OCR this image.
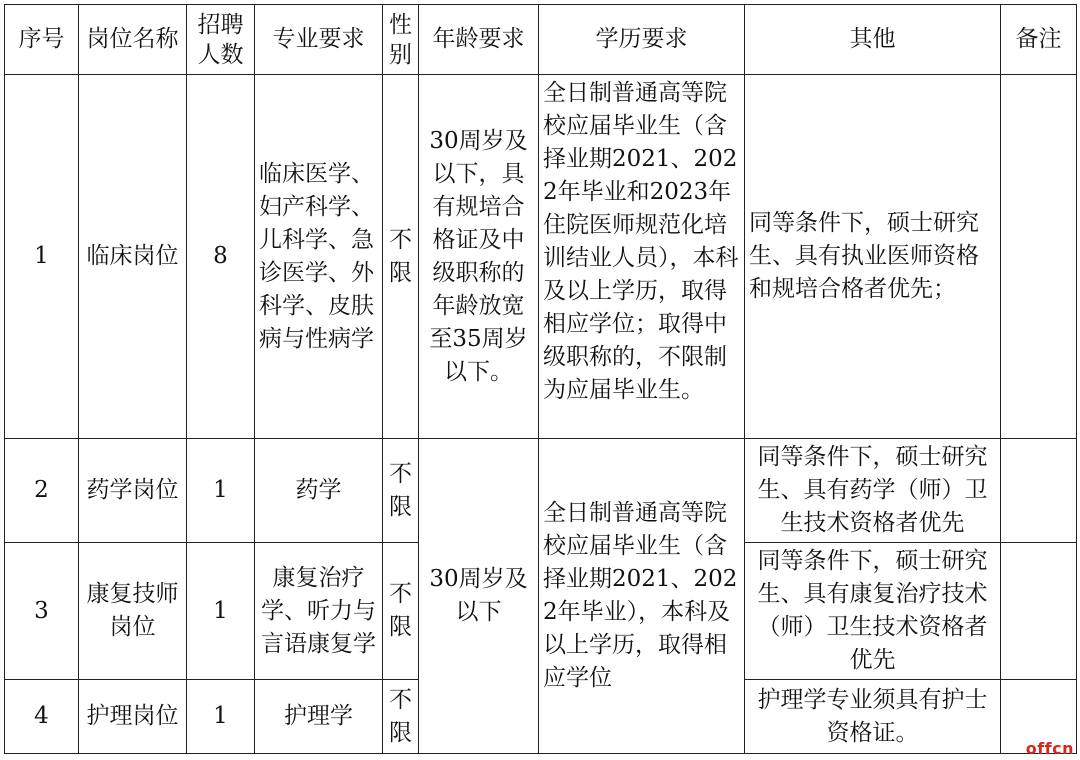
序号	岗位名称	招聘人数	专业要求	性别	年龄要求	学历要求	其他	备注
1	临床岗位	8	临床医学、妇产科学、儿科学、急诊医学、外科学、皮肤病与性病学	不限	30周岁及以下，具有规培合格证及中级职称的年龄放宽至35周岁以下。	全日制普通高等院校应届毕业生（含择业期2021、2022年毕业和2023年住院医师规范化培训结业人员），本科及以上学历，取得相应学位；取得中级职称的，不限制为应届毕业生。	同等条件下，硕士研究生、具有执业医师资格和规培合格者优先；	
2	药学岗位	1	药学	不限	30周岁及以下	全日制普通高等院校应届毕业生（含择业期2021、2022年毕业），本科及以上学历，取得相应学位	同等条件下，硕士研究生、具有药学（师）卫生技术资格者优先	
3	康复技师岗位	1	康复治疗学、听力与言语康复学	不限			同等条件下，硕士研究生、具有康复治疗技术（师）卫生技术资格者优先	
4	护理岗位	1	护理学	不限			护理学专业须具有护士资格证。	
offcn
